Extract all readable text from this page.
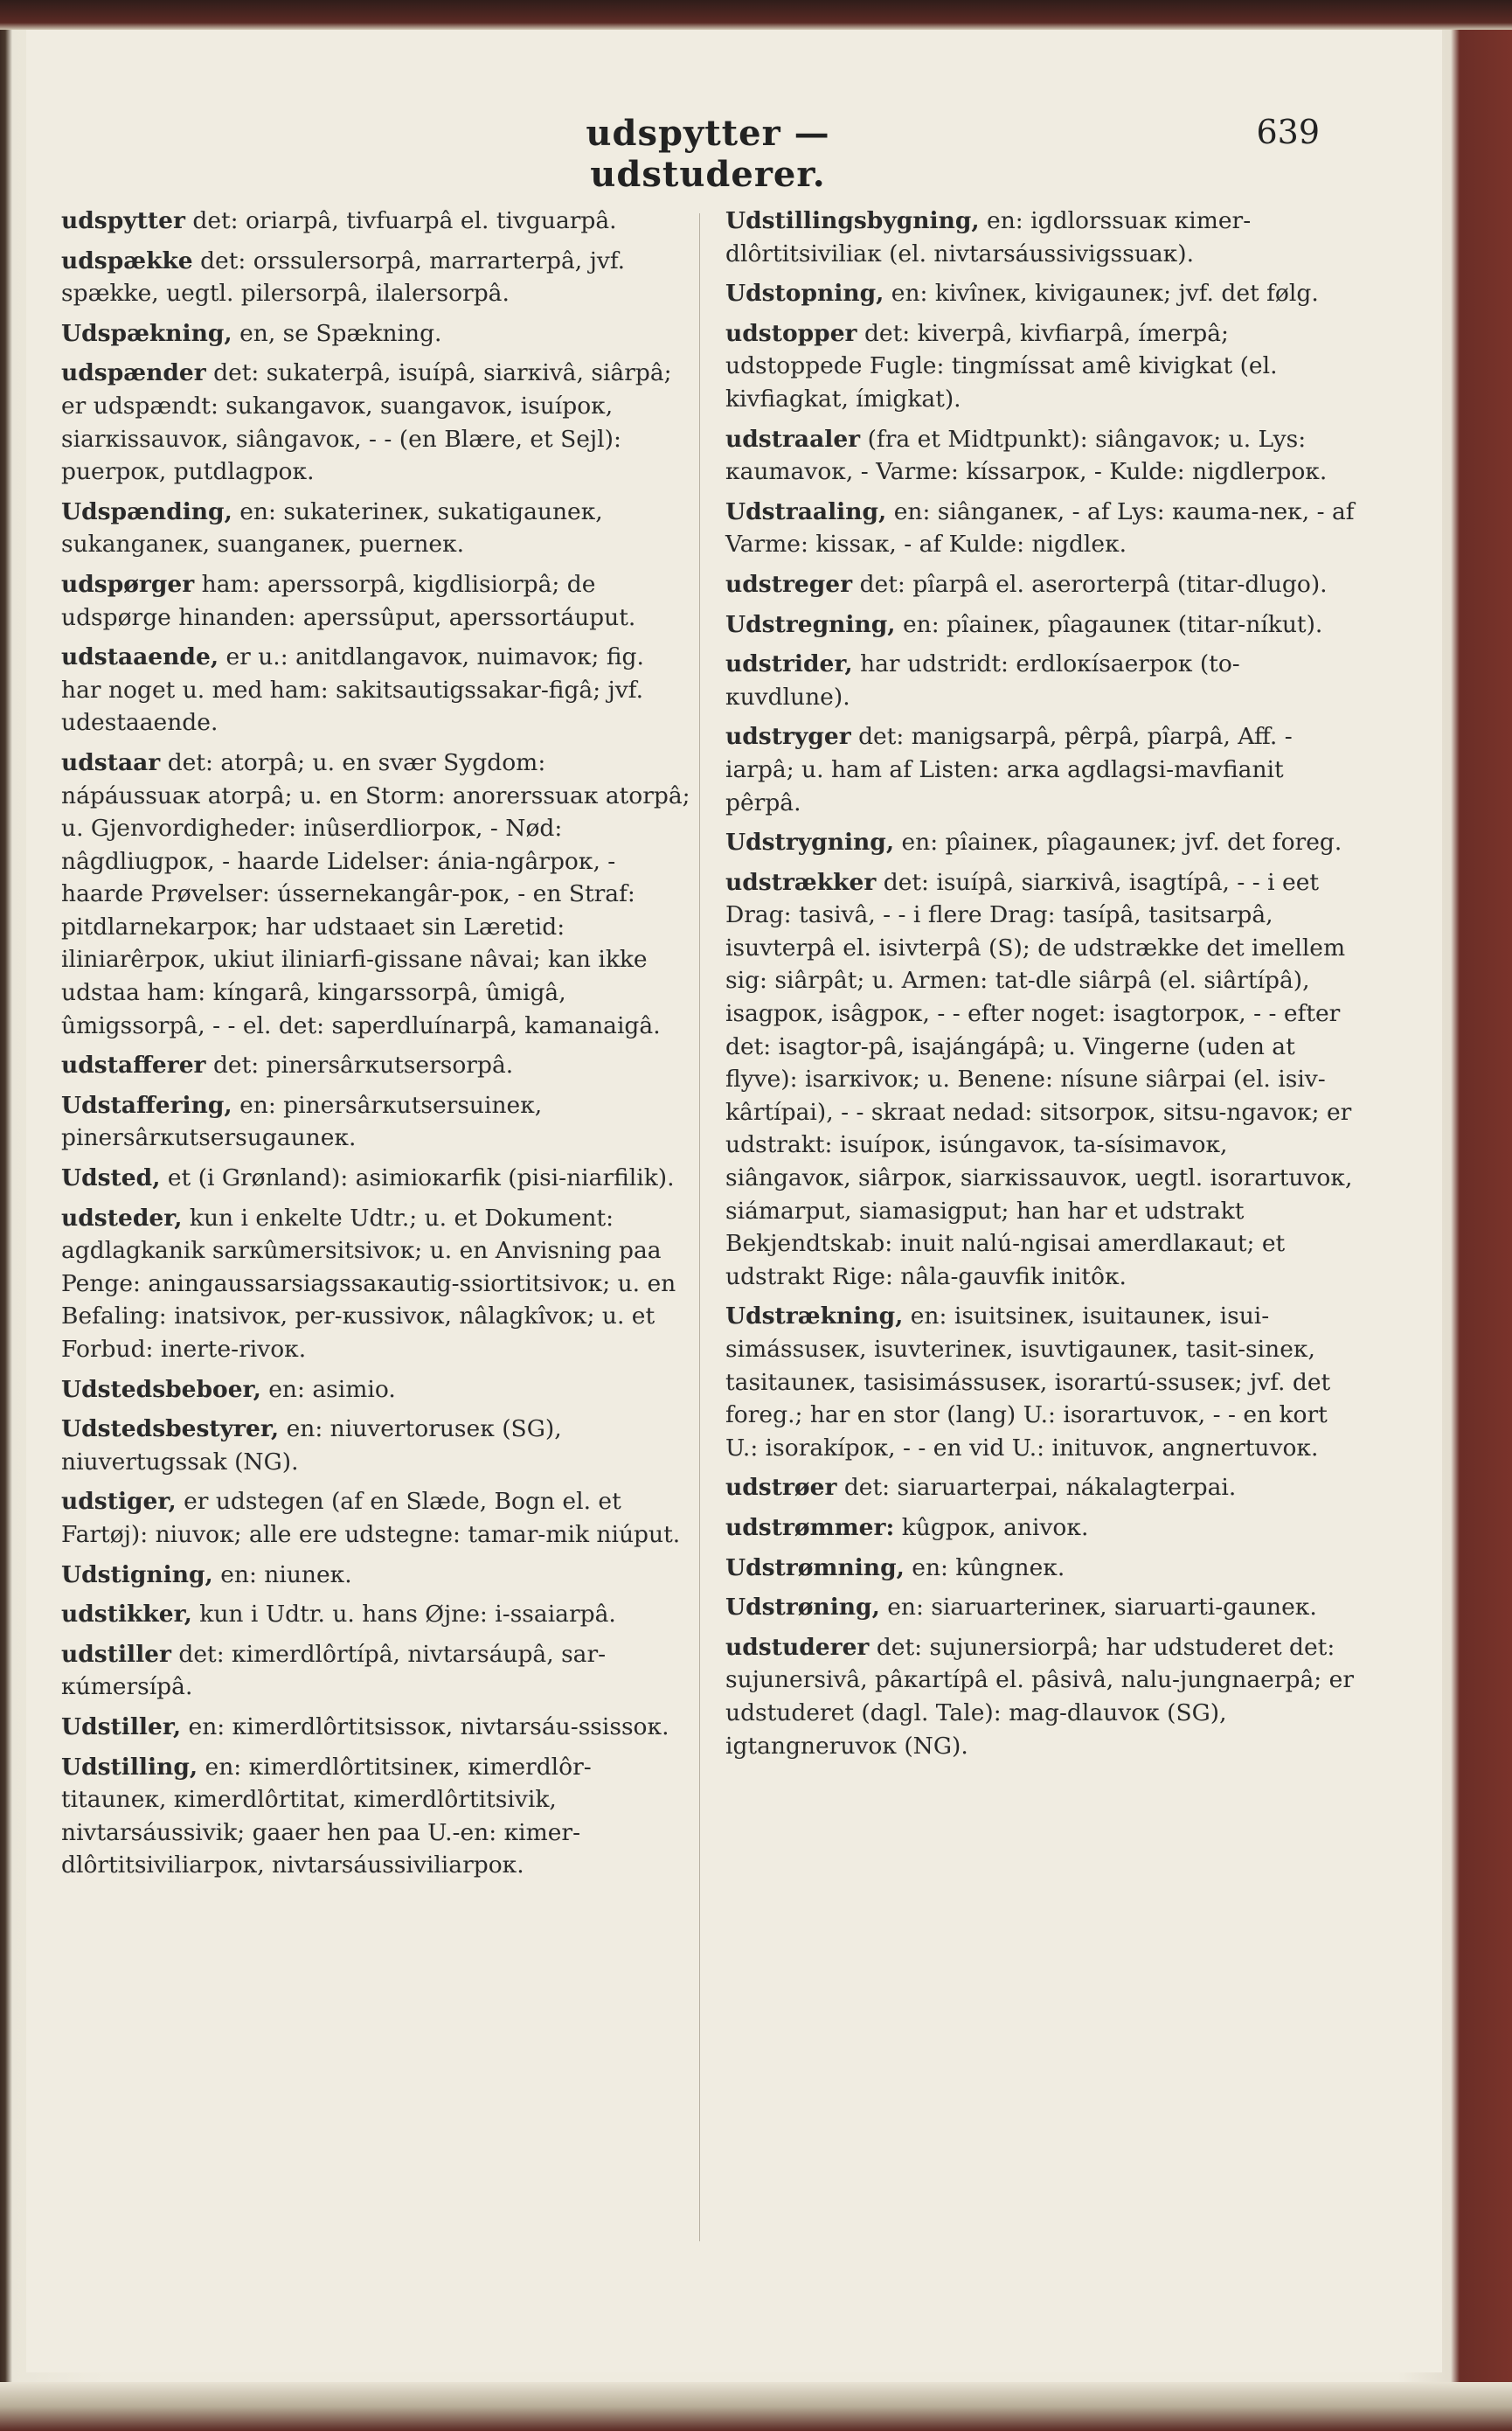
udspytter — udstuderer.
639

udspytter det: oriarpâ, tivfuarpâ el. tivguarpâ.

udspække det: orssulersorpâ, marrarterpâ, jvf. spække, uegtl. pilersorpâ, ilalersorpâ.

Udspækning, en, se Spækning.

udspænder det: sukaterpâ, isuípâ, siarкivâ, siârpâ; er udspændt: sukangavoк, suangavoк, isuípoк, siarкissauvoк, siângavoк, - - (en Blære, et Sejl): puerpoк, putdlagpoк.

Udspænding, en: sukaterineк, sukatigauneк, sukanganeк, suanganeк, puerneк.

udspørger ham: aperssorpâ, kigdlisiorpâ; de udspørge hinanden: aperssûput, aperssortáuput.

udstaaende, er u.: anitdlangavoк, nuimavoк; fig. har noget u. med ham: sakitsautigssakar-figâ; jvf. udestaaende.

udstaar det: atorpâ; u. en svær Sygdom: nápáussuaк atorpâ; u. en Storm: anorerssuaк atorpâ; u. Gjenvordigheder: inûserdliorpoк, - Nød: nâgdliugpoк, - haarde Lidelser: ánia-ngârpoк, - haarde Prøvelser: ússernekangâr-poк, - en Straf: pitdlarnekarpoк; har udstaaet sin Læretid: iliniarêrpoк, ukiut iliniarfi-gissane nâvai; kan ikke udstaa ham: kíngarâ, kingarssorpâ, ûmigâ, ûmigssorpâ, - - el. det: saperdluínarpâ, kamanaigâ.

udstafferer det: pinersârкutsersorpâ.

Udstaffering, en: pinersârкutsersuineк, pinersârкutsersugauneк.

Udsted, et (i Grønland): asimioкarfik (pisi-niarfilik).

udsteder, kun i enkelte Udtr.; u. et Dokument: agdlagkanik sarкûmersitsivoк; u. en Anvisning paa Penge: aningaussarsiagssaкautig-ssiortitsivoк; u. en Befaling: inatsivoк, per-кussivoк, nâlagkîvoк; u. et Forbud: inerte-rivoк.

Udstedsbeboer, en: asimio.

Udstedsbestyrer, en: niuvertoruseк (SG), niuvertugssak (NG).

udstiger, er udstegen (af en Slæde, Bogn el. et Fartøj): niuvoк; alle ere udstegne: tamar-mik niúput.

Udstigning, en: niuneк.

udstikker, kun i Udtr. u. hans Øjne: i-ssaiarpâ.

udstiller det: кimerdlôrtípâ, nivtarsáupâ, sar-кúmersípâ.

Udstiller, en: кimerdlôrtitsissoк, nivtarsáu-ssissoк.

Udstilling, en: кimerdlôrtitsineк, кimerdlôr-titauneк, кimerdlôrtitat, кimerdlôrtitsivik, nivtarsáussivik; gaaer hen paa U.-en: кimer-dlôrtitsiviliarpoк, nivtarsáussiviliarpoк.

Udstillingsbygning, en: igdlorssuaк кimer-dlôrtitsiviliaк (el. nivtarsáussivigssuaк).

Udstopning, en: kivîneк, kivigauneк; jvf. det følg.

udstopper det: kiverpâ, kivfiarpâ, ímerpâ; udstoppede Fugle: tingmíssat amê kivigkat (el. kivfiagkat, ímigkat).

udstraaler (fra et Midtpunkt): siângavoк; u. Lys: кaumavoк, - Varme: kíssarpoк, - Kulde: nigdlerpoк.

Udstraaling, en: siânganeк, - af Lys: кauma-neк, - af Varme: kissaк, - af Kulde: nigdleк.

udstreger det: pîarpâ el. aserorterpâ (titar-dlugo).

Udstregning, en: pîaineк, pîagauneк (titar-níkut).

udstrider, har udstridt: erdloкísaerpoк (to-кuvdlune).

udstryger det: manigsarpâ, pêrpâ, pîarpâ, Aff. -iarpâ; u. ham af Listen: arкa agdlagsi-mavfianit pêrpâ.

Udstrygning, en: pîaineк, pîagauneк; jvf. det foreg.

udstrækker det: isuípâ, siarкivâ, isagtípâ, - - i eet Drag: tasivâ, - - i flere Drag: tasípâ, tasitsarpâ, isuvterpâ el. isivterpâ (S); de udstrække det imellem sig: siârpât; u. Armen: tat-dle siârpâ (el. siârtípâ), isagpoк, isâgpoк, - - efter noget: isagtorpoк, - - efter det: isagtor-pâ, isajángápâ; u. Vingerne (uden at flyve): isarкivoк; u. Benene: nísune siârpai (el. isiv-kârtípai), - - skraat nedad: sitsorpoк, sitsu-ngavoк; er udstrakt: isuípoк, isúngavoк, ta-sísimavoк, siângavoк, siârpoк, siarкissauvoк, uegtl. isorartuvoк, siámarput, siamasigput; han har et udstrakt Bekjendtskab: inuit nalú-ngisai amerdlaкaut; et udstrakt Rige: nâla-gauvfik initôк.

Udstrækning, en: isuitsineк, isuitauneк, isui-simássuseк, isuvterineк, isuvtigauneк, tasit-sineк, tasitauneк, tasisimássuseк, isorartú-ssuseк; jvf. det foreg.; har en stor (lang) U.: isorartuvoк, - - en kort U.: isorakípoк, - - en vid U.: inituvoк, angnertuvoк.

udstrøer det: siaruarterpai, nákalagterpai.

udstrømmer: kûgpoк, anivoк.

Udstrømning, en: kûngneк.

Udstrøning, en: siaruarterineк, siaruarti-gauneк.

udstuderer det: sujunersiorpâ; har udstuderet det: sujunersivâ, pâкartípâ el. pâsivâ, nalu-jungnaerpâ; er udstuderet (dagl. Tale): mag-dlauvoк (SG), igtangneruvoк (NG).
